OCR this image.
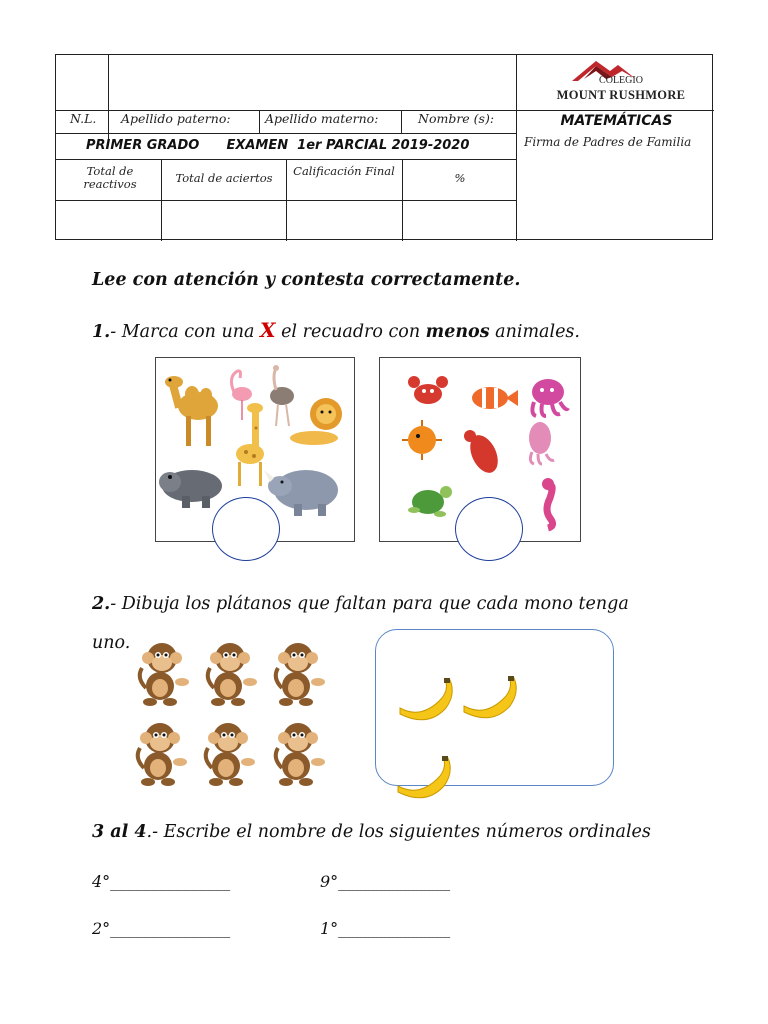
COLEGIO
MOUNT RUSHMORE
N.L. Apellido paterno:	Apellido materno:	Nombre (s):	MATEMÁTICAS
PRIMER GRADO      EXAMEN  1er PARCIAL 2019-2020	Firma de Padres de Familia
Total de reactivos	Total de aciertos	Calificación Final	%
Lee con atención y contesta correctamente.
1.- Marca con una X el recuadro con menos animales.
2.- Dibuja los plátanos que faltan para que cada mono tenga
uno.
3 al 4.- Escribe el nombre de los siguientes números ordinales
4°_______________	9°______________
2°_______________	1°______________
